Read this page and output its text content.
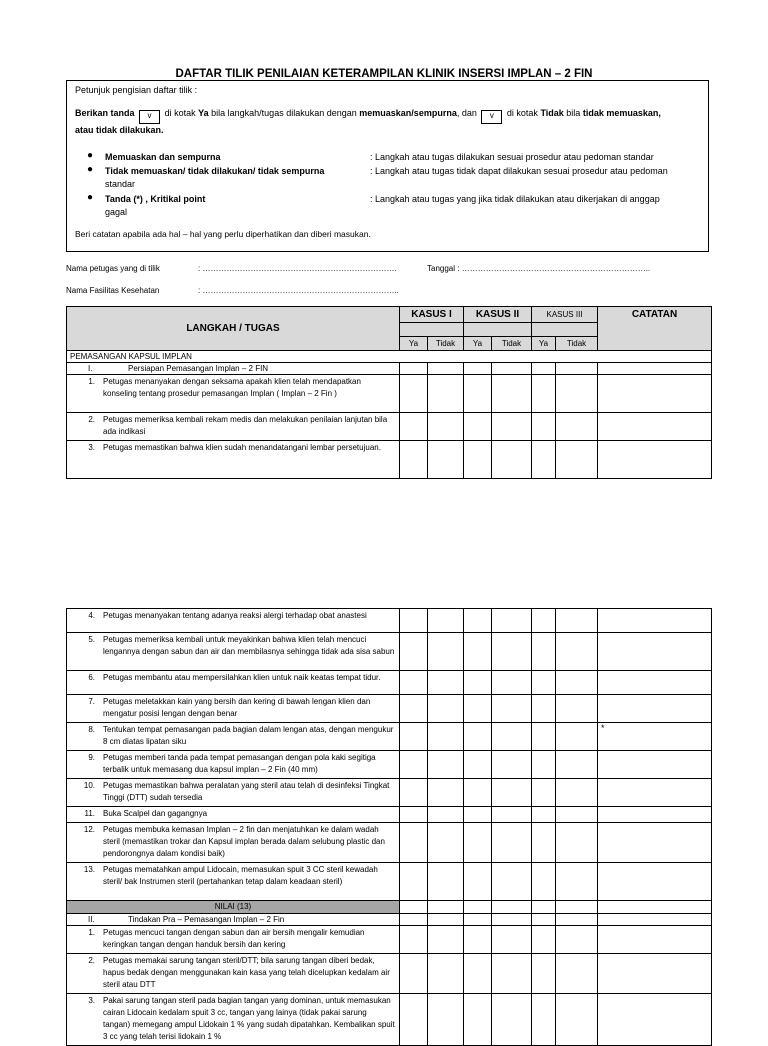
DAFTAR TILIK PENILAIAN KETERAMPILAN KLINIK INSERSI IMPLAN – 2 FIN

Petunjuk pengisian daftar tilik :

Berikan tanda v di kotak Ya bila langkah/tugas dilakukan dengan memuaskan/sempurna, dan v di kotak Tidak bila tidak memuaskan,

atau tidak dilakukan.

● Memuaskan dan sempurna	: Langkah atau tugas dilakukan sesuai prosedur atau pedoman standar
● Tidak memuaskan/ tidak dilakukan/ tidak sempurna
standar
: Langkah atau tugas tidak dapat dilakukan sesuai prosedur atau pedoman
● Tanda (*) , Kritikal point
gagal
: Langkah atau tugas yang jika tidak dilakukan atau dikerjakan di anggap

Beri catatan apabila ada hal – hal yang perlu diperhatikan dan diberi masukan.

Nama petugas yang di tilik	: ……………………………………………………………….	Tanggal : ……………………………………………………………..
Nama Fasilitas Kesehatan	: ………………………………………………………………..
LANGKAH / TUGAS	KASUS I		KASUS II		KASUS III		CATATAN

	Ya	Tidak	Ya	Tidak	Ya	Tidak	
PEMASANGAN KAPSUL IMPLAN							

I. Persiapan Pemasangan Implan – 2 FIN							

1. Petugas menanyakan dengan seksama apakah klien telah mendapatkan konseling tentang prosedur pemasangan Implan ( Implan – 2 Fin )							

2. Petugas memeriksa kembali rekam medis dan melakukan penilaian lanjutan bila ada indikasi							

3. Petugas memastikan bahwa klien sudah menandatangani lembar persetujuan.							

4. Petugas menanyakan tentang adanya reaksi alergi terhadap obat anastesi							

5. Petugas memeriksa kembali untuk meyakinkan bahwa klien telah mencuci lengannya dengan sabun dan air dan membilasnya sehingga tidak ada sisa sabun							

6. Petugas membantu atau mempersilahkan klien untuk naik keatas tempat tidur.							

7. Petugas meletakkan kain yang bersih dan kering di bawah lengan klien dan mengatur posisi lengan dengan benar							

8. Tentukan tempat pemasangan pada bagian dalam lengan atas, dengan mengukur 8 cm diatas lipatan siku							*

9. Petugas memberi tanda pada tempat pemasangan dengan pola kaki segitiga terbalik untuk memasang dua kapsul implan – 2 Fin (40 mm)							

10. Petugas memastikan bahwa peralatan yang steril atau telah di desinfeksi Tingkat Tinggi (DTT) sudah tersedia							

11. Buka Scalpel dan gagangnya							

12. Petugas membuka kemasan Implan – 2 fin dan menjatuhkan ke dalam wadah steril (memastikan trokar dan Kapsul implan berada dalam selubung plastic dan pendorongnya dalam kondisi baik)							

13. Petugas mematahkan ampul Lidocain, memasukan spuit 3 CC steril kewadah steril/ bak Instrumen steril (pertahankan tetap dalam keadaan steril)							

NILAI (13)							

II. Tindakan Pra – Pemasangan Implan – 2 Fin							

1. Petugas mencuci tangan dengan sabun dan air bersih mengalir kemudian keringkan tangan dengan handuk bersih dan kering							

2. Petugas memakai sarung tangan steril/DTT; bila sarung tangan diberi bedak, hapus bedak dengan menggunakan kain kasa yang telah dicelupkan kedalam air steril atau DTT							

3. Pakai sarung tangan steril pada bagian tangan yang dominan, untuk memasukan cairan Lidocain kedalam spuit 3 cc, tangan yang lainya (tidak pakai sarung tangan) memegang ampul Lidokain 1 % yang sudah dipatahkan. Kembalikan spuit 3 cc yang telah terisi lidokain 1 %							
